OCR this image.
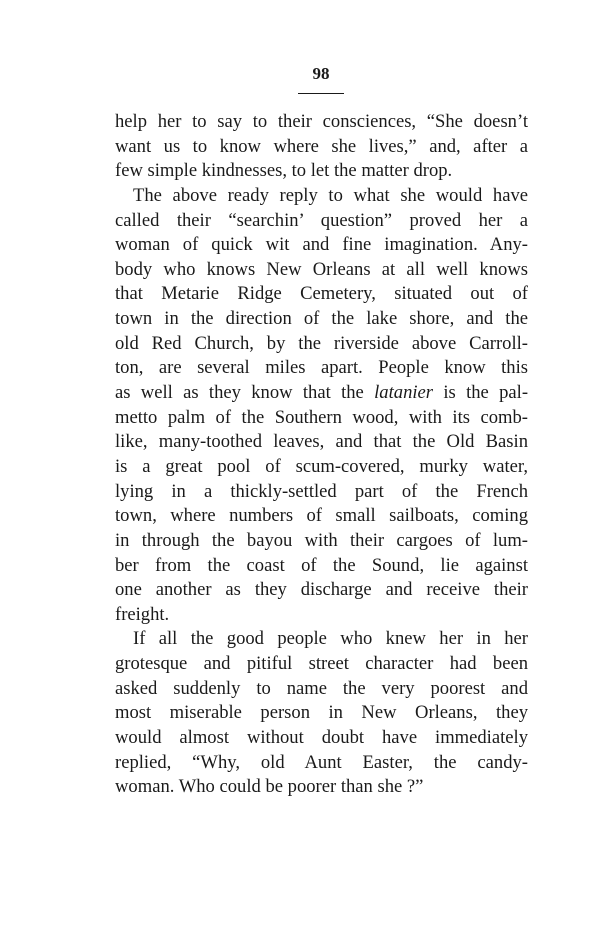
98
help her to say to their consciences, “She doesn’t
want us to know where she lives,” and, after a
few simple kindnesses, to let the matter drop.
The above ready reply to what she would have
called their “searchin’ question” proved her a
woman of quick wit and fine imagination. Any-
body who knows New Orleans at all well knows
that Metarie Ridge Cemetery, situated out of
town in the direction of the lake shore, and the
old Red Church, by the riverside above Carroll-
ton, are several miles apart. People know this
as well as they know that the latanier is the pal-
metto palm of the Southern wood, with its comb-
like, many-toothed leaves, and that the Old Basin
is a great pool of scum-covered, murky water,
lying in a thickly-settled part of the French
town, where numbers of small sailboats, coming
in through the bayou with their cargoes of lum-
ber from the coast of the Sound, lie against
one another as they discharge and receive their
freight.
If all the good people who knew her in her
grotesque and pitiful street character had been
asked suddenly to name the very poorest and
most miserable person in New Orleans, they
would almost without doubt have immediately
replied, “Why, old Aunt Easter, the candy-
woman. Who could be poorer than she ?”
